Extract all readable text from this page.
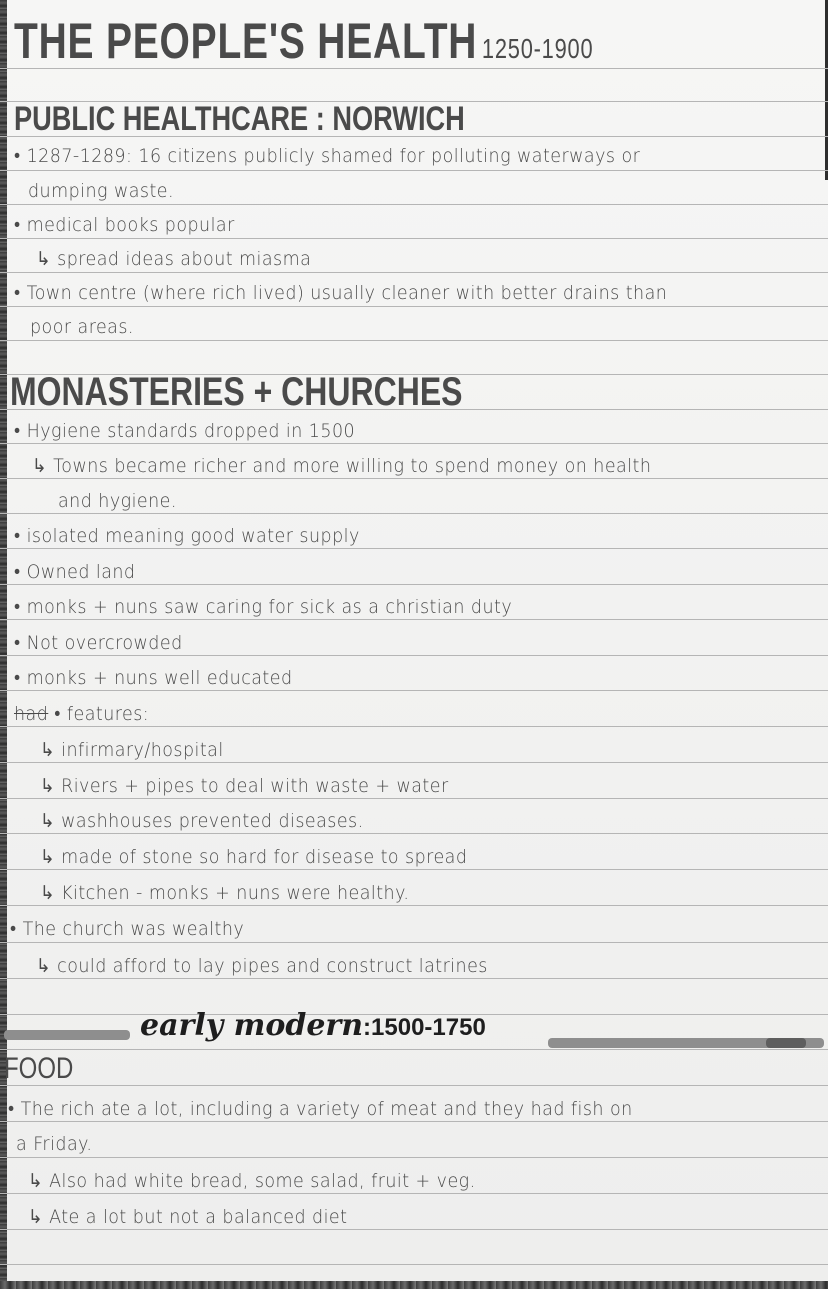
THE PEOPLE'S HEALTH 1250-1900
PUBLIC HEALTHCARE : NORWICH
• 1287-1289: 16 citizens publicly shamed for polluting waterways or
dumping waste.
• medical books popular
↳ spread ideas about miasma
• Town centre (where rich lived) usually cleaner with better drains than
poor areas.
MONASTERIES + CHURCHES
• Hygiene standards dropped in 1500
↳ Towns became richer and more willing to spend money on health
and hygiene.
• isolated meaning good water supply
• Owned land
• monks + nuns saw caring for sick as a christian duty
• Not overcrowded
• monks + nuns well educated
had • features:
↳ infirmary/hospital
↳ Rivers + pipes to deal with waste + water
↳ washhouses prevented diseases.
↳ made of stone so hard for disease to spread
↳ Kitchen - monks + nuns were healthy.
• The church was wealthy
↳ could afford to lay pipes and construct latrines
early modern:1500-1750
FOOD
• The rich ate a lot, including a variety of meat and they had fish on
a Friday.
↳ Also had white bread, some salad, fruit + veg.
↳ Ate a lot but not a balanced diet
